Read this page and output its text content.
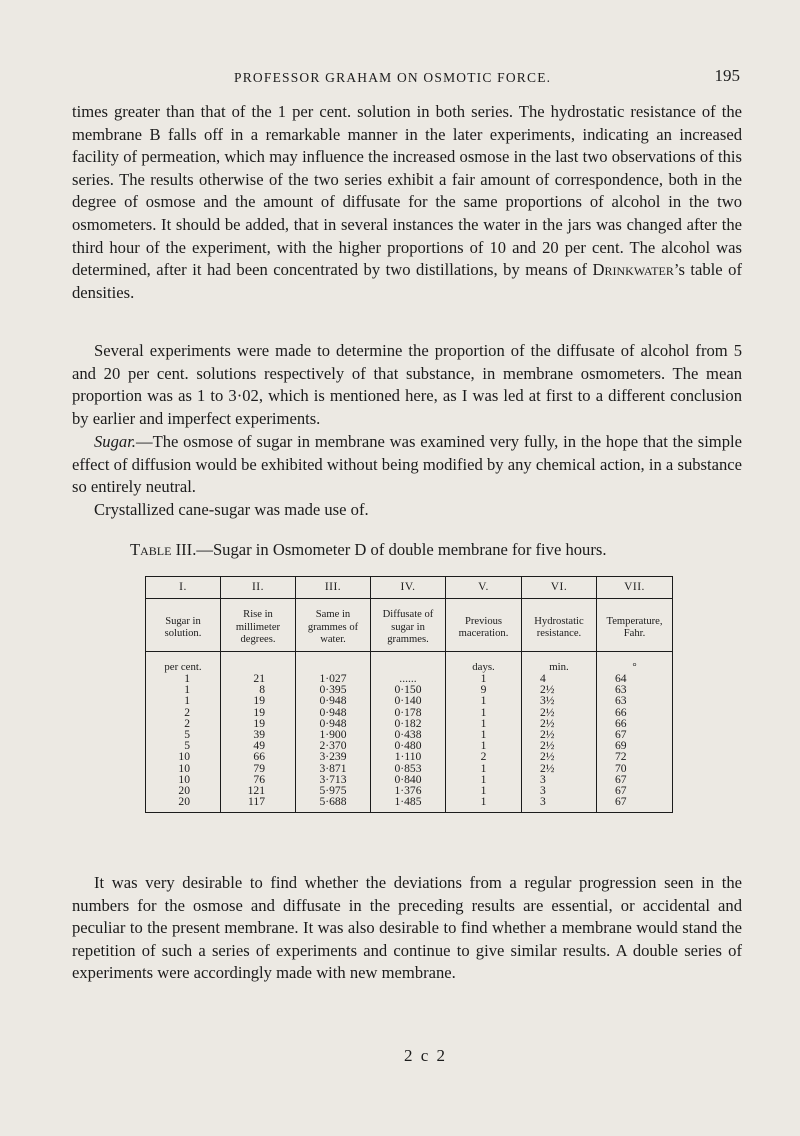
PROFESSOR GRAHAM ON OSMOTIC FORCE.	195

times greater than that of the 1 per cent. solution in both series. The hydrostatic resistance of the membrane B falls off in a remarkable manner in the later experiments, indicating an increased facility of permeation, which may influence the increased osmose in the last two observations of this series. The results otherwise of the two series exhibit a fair amount of correspondence, both in the degree of osmose and the amount of diffusate for the same proportions of alcohol in the two osmometers. It should be added, that in several instances the water in the jars was changed after the third hour of the experiment, with the higher proportions of 10 and 20 per cent. The alcohol was determined, after it had been concentrated by two distillations, by means of Drinkwater’s table of densities.

Several experiments were made to determine the proportion of the diffusate of alcohol from 5 and 20 per cent. solutions respectively of that substance, in membrane osmometers. The mean proportion was as 1 to 3·02, which is mentioned here, as I was led at first to a different conclusion by earlier and imperfect experiments.

Sugar.—The osmose of sugar in membrane was examined very fully, in the hope that the simple effect of diffusion would be exhibited without being modified by any chemical action, in a substance so entirely neutral.

Crystallized cane-sugar was made use of.

Table III.—Sugar in Osmometer D of double membrane for five hours.
I.
Sugar in solution.
per cent.
1
1
1
2
2
5
5
10
10
10
20
20
II.
Rise in millimeter degrees.
21
8
19
19
19
39
49
66
79
76
121
117
III.
Same in grammes of water.
1·027
0·395
0·948
0·948
0·948
1·900
2·370
3·239
3·871
3·713
5·975
5·688
IV.
Diffusate of sugar in grammes.
......
0·150
0·140
0·178
0·182
0·438
0·480
1·110
0·853
0·840
1·376
1·485
V.
Previous maceration.
days.
1
9
1
1
1
1
1
2
1
1
1
1
VI.
Hydrostatic resistance.
min.
4
2½
3½
2½
2½
2½
2½
2½
2½
3
3
3
VII.
Temperature, Fahr.
°
64
63
63
66
66
67
69
72
70
67
67
67

It was very desirable to find whether the deviations from a regular progression seen in the numbers for the osmose and diffusate in the preceding results are essential, or accidental and peculiar to the present membrane. It was also desirable to find whether a membrane would stand the repetition of such a series of experiments and continue to give similar results. A double series of experiments were accordingly made with new membrane.

2 c 2
